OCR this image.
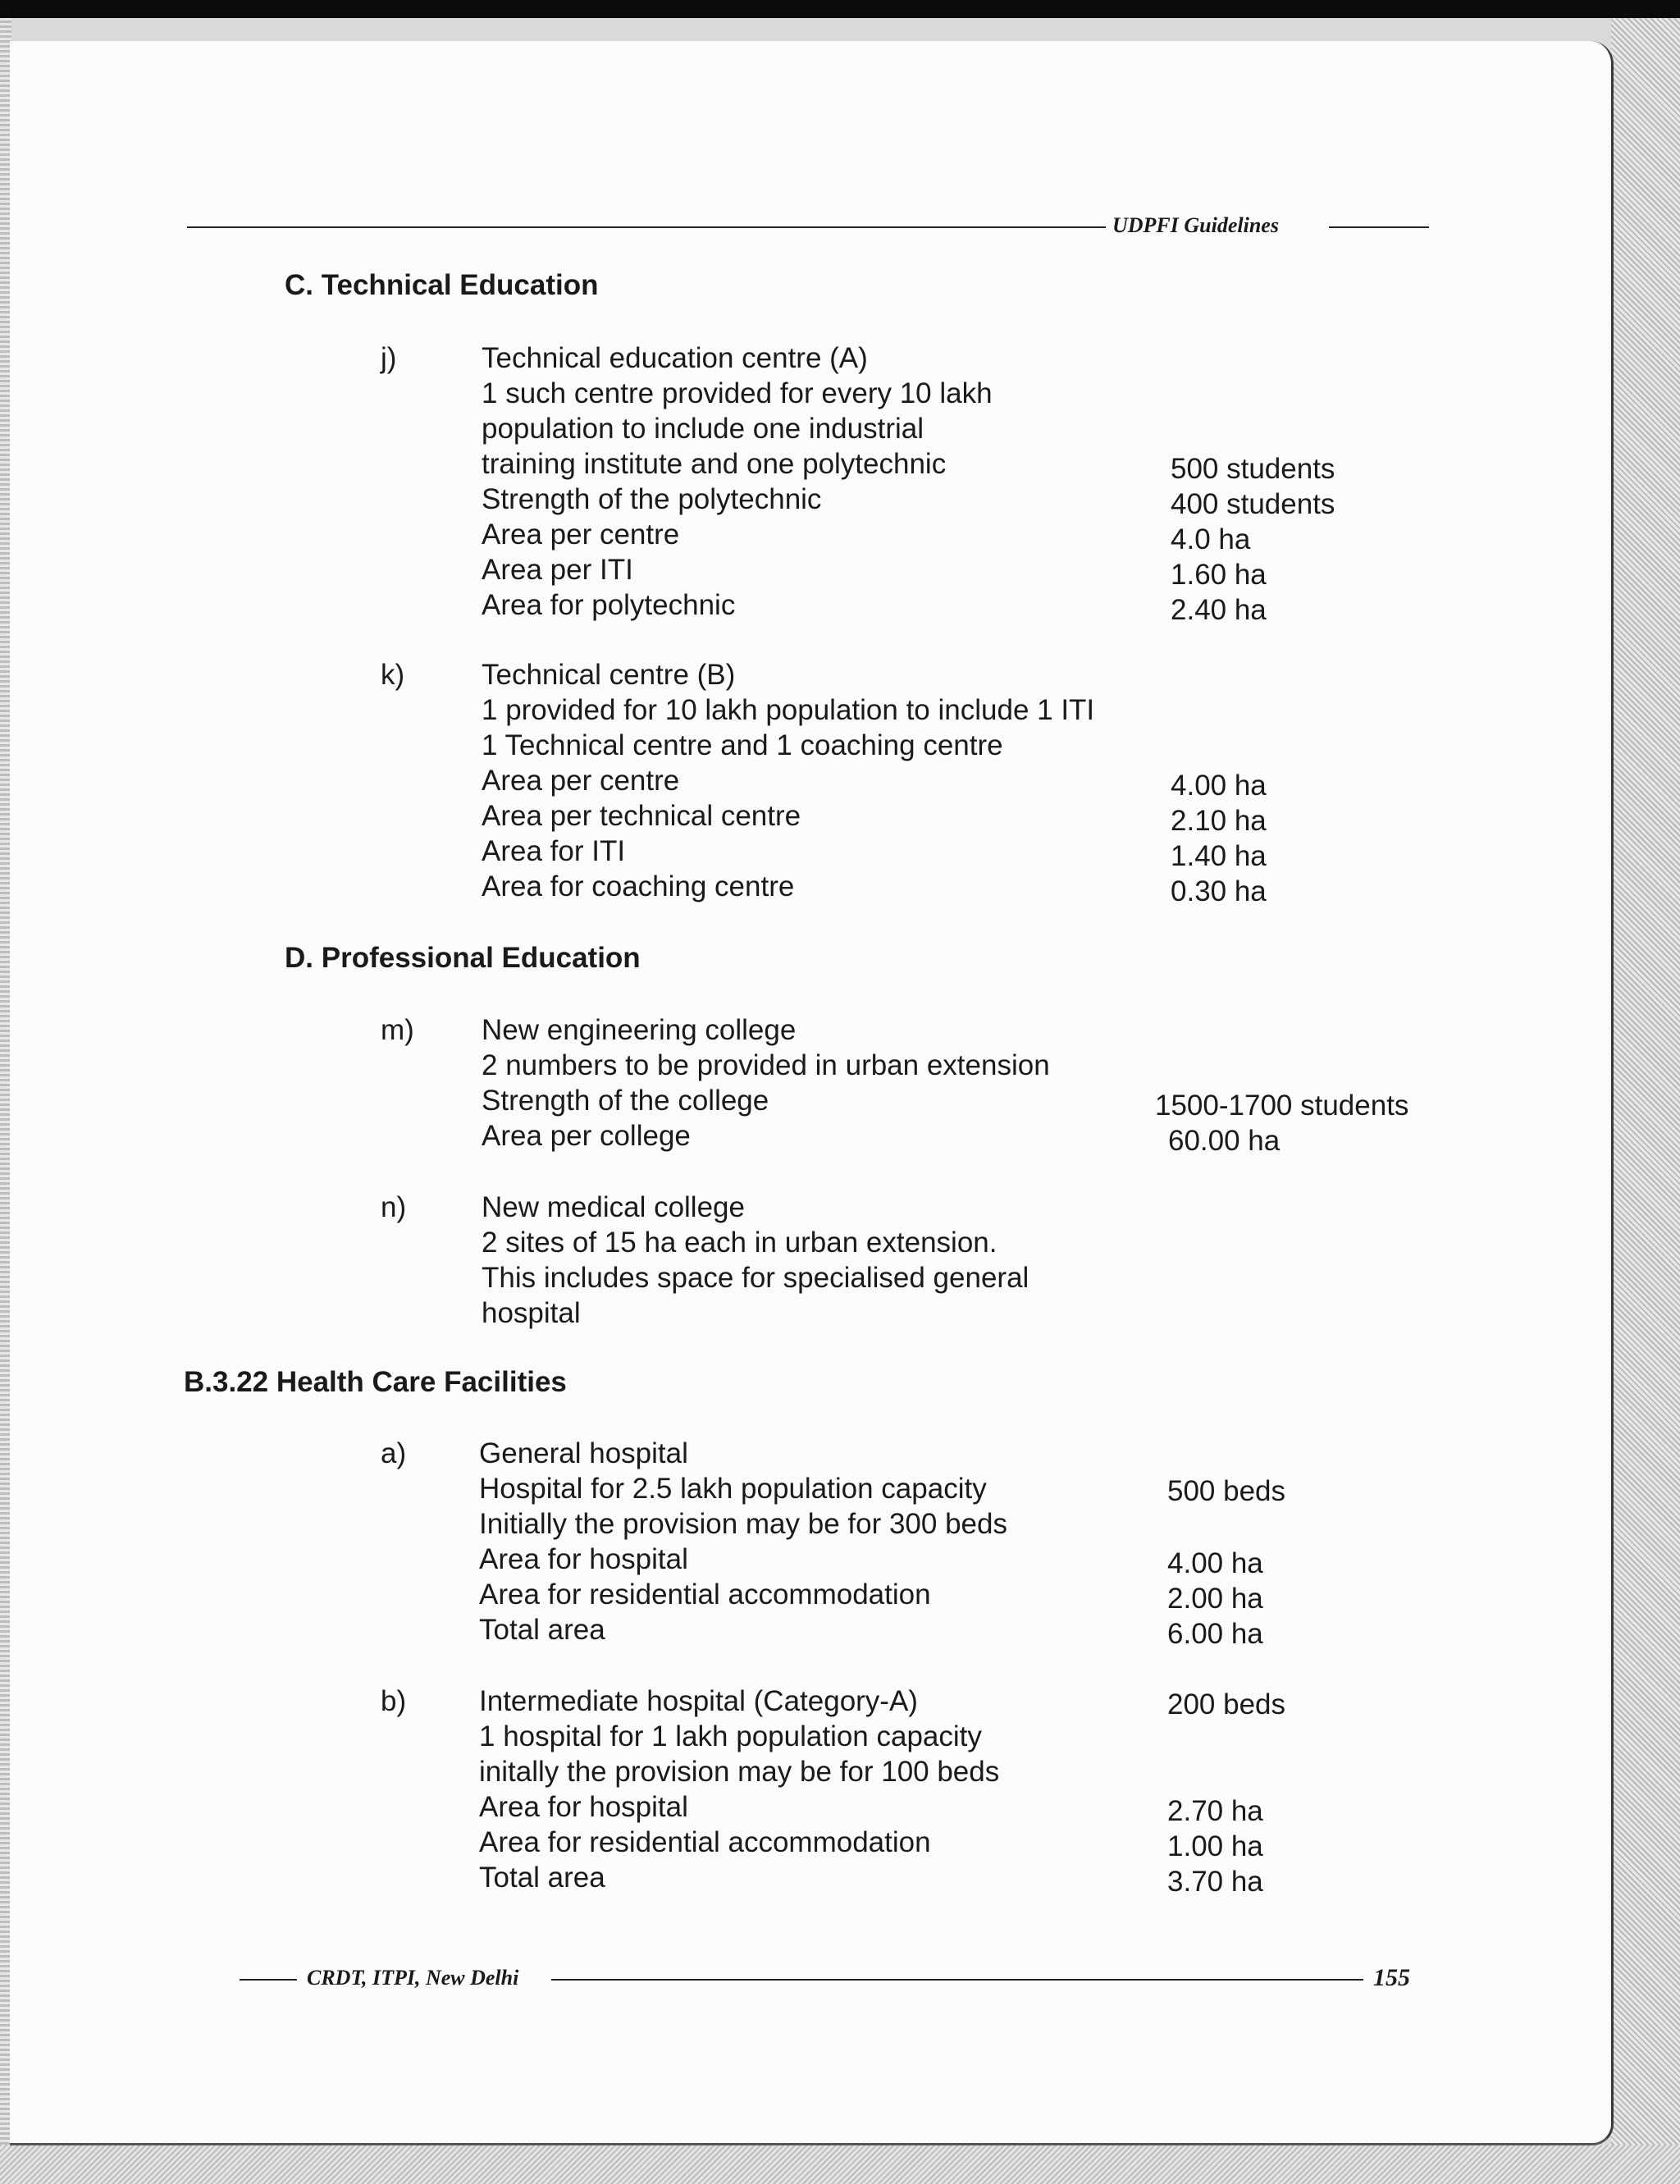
UDPFI Guidelines
C. Technical Education
j)	Technical education centre (A)
1 such centre provided for every 10 lakh
population to include one industrial
training institute and one polytechnic	500 students
Strength of the polytechnic	400 students
Area per centre	4.0 ha
Area per ITI	1.60 ha
Area for polytechnic	2.40 ha
k)	Technical centre (B)
1 provided for 10 lakh population to include 1 ITI
1 Technical centre and 1 coaching centre
Area per centre	4.00 ha
Area per technical centre	2.10 ha
Area for ITI	1.40 ha
Area for coaching centre	0.30 ha
D. Professional Education
m)	New engineering college
2 numbers to be provided in urban extension
Strength of the college	1500-1700 students
Area per college	60.00 ha
n)	New medical college
2 sites of 15 ha each in urban extension.
This includes space for specialised general
hospital
B.3.22 Health Care Facilities
a)	General hospital
Hospital for 2.5 lakh population capacity	500 beds
Initially the provision may be for 300 beds
Area for hospital	4.00 ha
Area for residential accommodation	2.00 ha
Total area	6.00 ha
b)	Intermediate hospital (Category-A)	200 beds
1 hospital for 1 lakh population capacity
initally the provision may be for 100 beds
Area for hospital	2.70 ha
Area for residential accommodation	1.00 ha
Total area	3.70 ha
CRDT, ITPI, New Delhi	155
